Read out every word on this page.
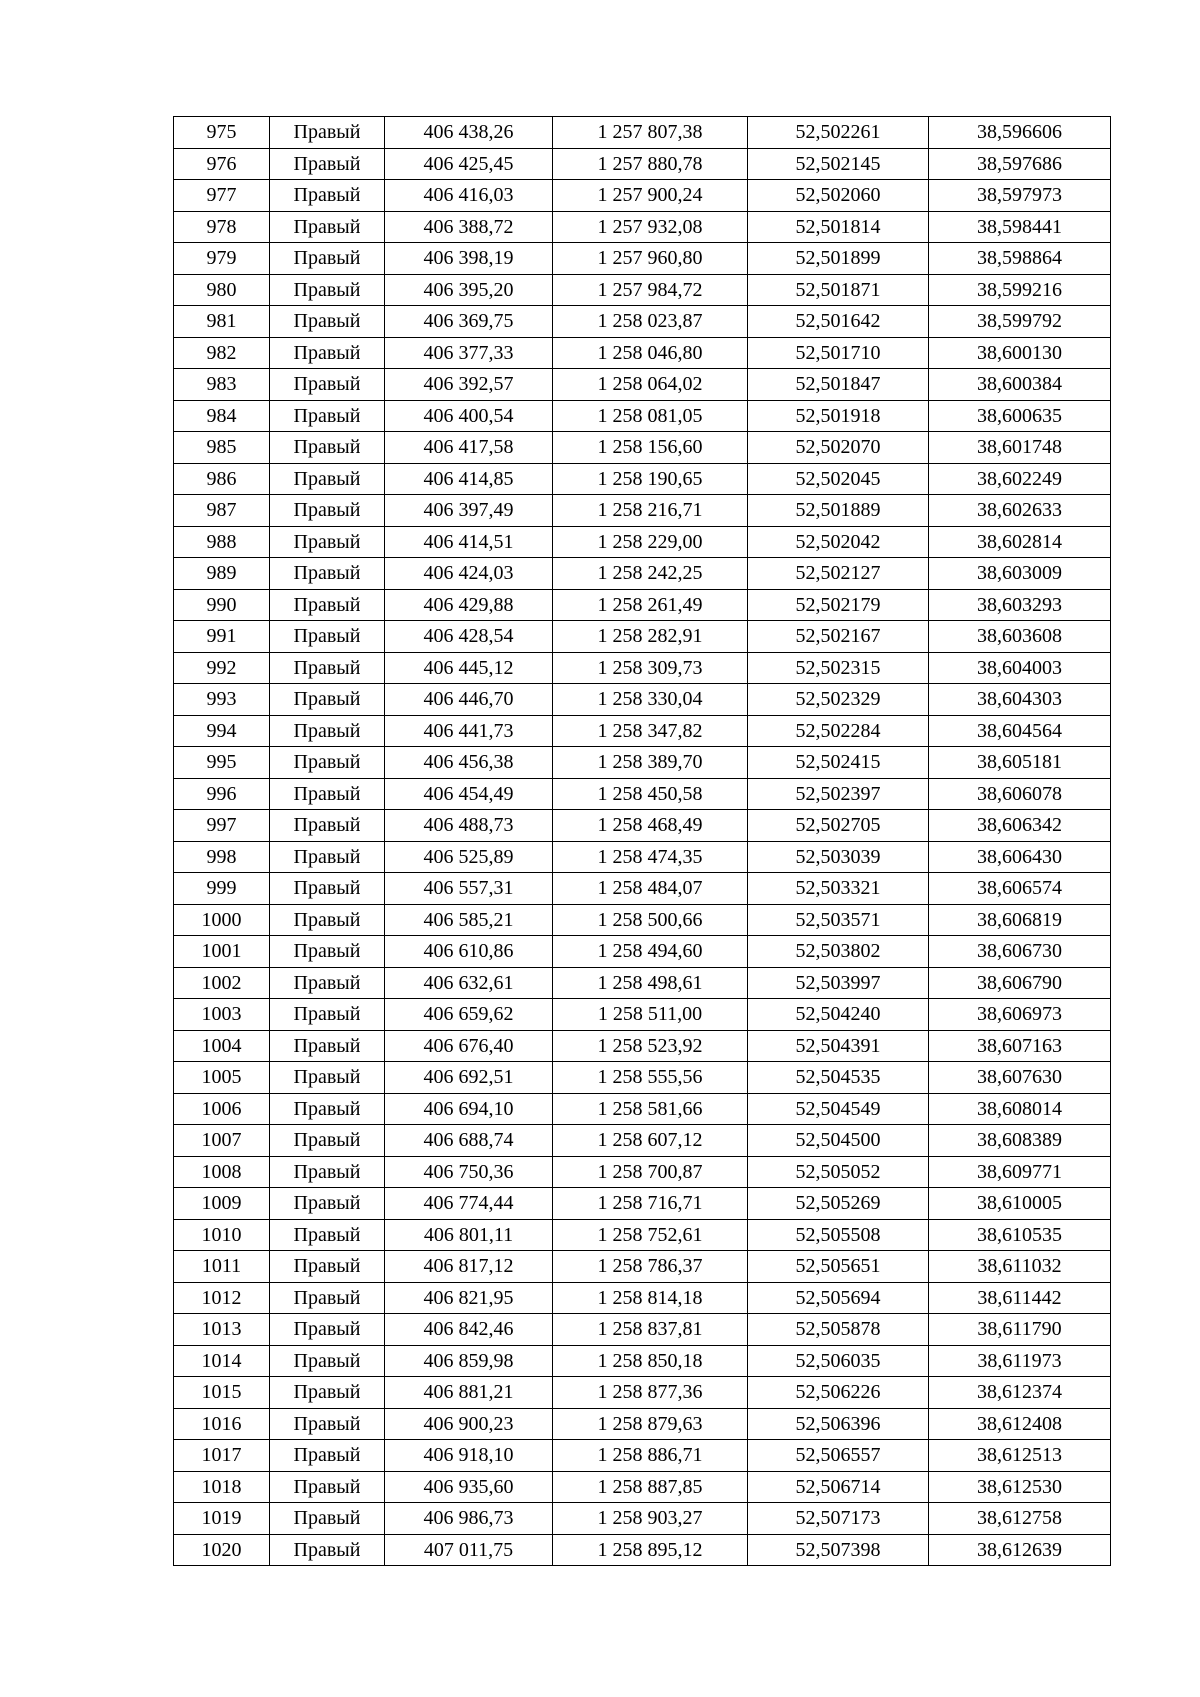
975	Правый	406 438,26	1 257 807,38	52,502261	38,596606
976	Правый	406 425,45	1 257 880,78	52,502145	38,597686
977	Правый	406 416,03	1 257 900,24	52,502060	38,597973
978	Правый	406 388,72	1 257 932,08	52,501814	38,598441
979	Правый	406 398,19	1 257 960,80	52,501899	38,598864
980	Правый	406 395,20	1 257 984,72	52,501871	38,599216
981	Правый	406 369,75	1 258 023,87	52,501642	38,599792
982	Правый	406 377,33	1 258 046,80	52,501710	38,600130
983	Правый	406 392,57	1 258 064,02	52,501847	38,600384
984	Правый	406 400,54	1 258 081,05	52,501918	38,600635
985	Правый	406 417,58	1 258 156,60	52,502070	38,601748
986	Правый	406 414,85	1 258 190,65	52,502045	38,602249
987	Правый	406 397,49	1 258 216,71	52,501889	38,602633
988	Правый	406 414,51	1 258 229,00	52,502042	38,602814
989	Правый	406 424,03	1 258 242,25	52,502127	38,603009
990	Правый	406 429,88	1 258 261,49	52,502179	38,603293
991	Правый	406 428,54	1 258 282,91	52,502167	38,603608
992	Правый	406 445,12	1 258 309,73	52,502315	38,604003
993	Правый	406 446,70	1 258 330,04	52,502329	38,604303
994	Правый	406 441,73	1 258 347,82	52,502284	38,604564
995	Правый	406 456,38	1 258 389,70	52,502415	38,605181
996	Правый	406 454,49	1 258 450,58	52,502397	38,606078
997	Правый	406 488,73	1 258 468,49	52,502705	38,606342
998	Правый	406 525,89	1 258 474,35	52,503039	38,606430
999	Правый	406 557,31	1 258 484,07	52,503321	38,606574
1000	Правый	406 585,21	1 258 500,66	52,503571	38,606819
1001	Правый	406 610,86	1 258 494,60	52,503802	38,606730
1002	Правый	406 632,61	1 258 498,61	52,503997	38,606790
1003	Правый	406 659,62	1 258 511,00	52,504240	38,606973
1004	Правый	406 676,40	1 258 523,92	52,504391	38,607163
1005	Правый	406 692,51	1 258 555,56	52,504535	38,607630
1006	Правый	406 694,10	1 258 581,66	52,504549	38,608014
1007	Правый	406 688,74	1 258 607,12	52,504500	38,608389
1008	Правый	406 750,36	1 258 700,87	52,505052	38,609771
1009	Правый	406 774,44	1 258 716,71	52,505269	38,610005
1010	Правый	406 801,11	1 258 752,61	52,505508	38,610535
1011	Правый	406 817,12	1 258 786,37	52,505651	38,611032
1012	Правый	406 821,95	1 258 814,18	52,505694	38,611442
1013	Правый	406 842,46	1 258 837,81	52,505878	38,611790
1014	Правый	406 859,98	1 258 850,18	52,506035	38,611973
1015	Правый	406 881,21	1 258 877,36	52,506226	38,612374
1016	Правый	406 900,23	1 258 879,63	52,506396	38,612408
1017	Правый	406 918,10	1 258 886,71	52,506557	38,612513
1018	Правый	406 935,60	1 258 887,85	52,506714	38,612530
1019	Правый	406 986,73	1 258 903,27	52,507173	38,612758
1020	Правый	407 011,75	1 258 895,12	52,507398	38,612639
